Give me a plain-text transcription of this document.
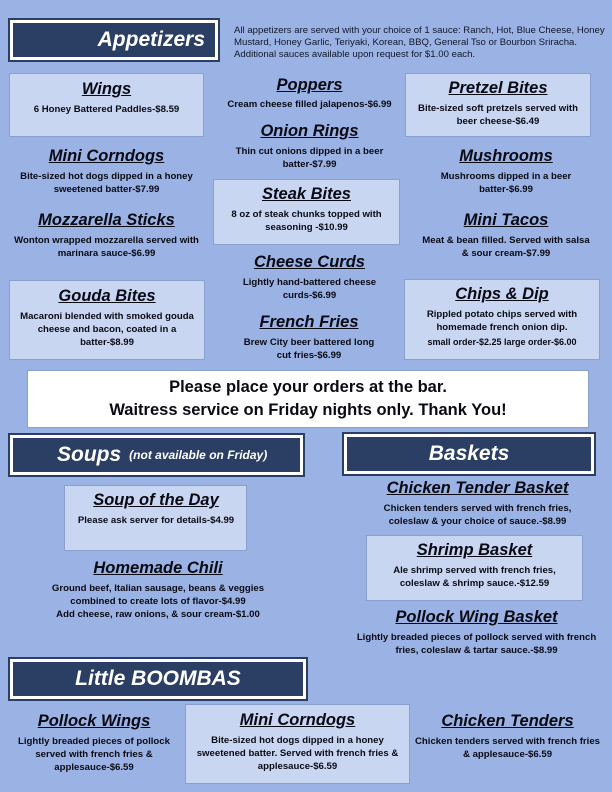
Appetizers	All appetizers are served with your choice of 1 sauce: Ranch, Hot, Blue Cheese, Honey Mustard, Honey Garlic, Teriyaki, Korean, BBQ, General Tso or Bourbon Sriracha. Additional sauces available upon request for $1.00 each.
Wings
6 Honey Battered Paddles-$8.59
Mini Corndogs
Bite-sized hot dogs dipped in a honey sweetened batter-$7.99
Mozzarella Sticks
Wonton wrapped mozzarella served with marinara sauce-$6.99
Gouda Bites
Macaroni blended with smoked gouda cheese and bacon, coated in a batter-$8.99
Poppers
Cream cheese filled jalapenos-$6.99
Onion Rings
Thin cut onions dipped in a beer batter-$7.99
Steak Bites
8 oz of steak chunks topped with seasoning -$10.99
Cheese Curds
Lightly hand-battered cheese curds-$6.99
French Fries
Brew City beer battered long cut fries-$6.99
Pretzel Bites
Bite-sized soft pretzels served with beer cheese-$6.49
Mushrooms
Mushrooms dipped in a beer batter-$6.99
Mini Tacos
Meat & bean filled. Served with salsa & sour cream-$7.99
Chips & Dip
Rippled potato chips served with homemade french onion dip.
small order-$2.25 large order-$6.00
Please place your orders at the bar.
Waitress service on Friday nights only. Thank You!
Soups (not available on Friday)
Soup of the Day
Please ask server for details-$4.99
Homemade Chili
Ground beef, Italian sausage, beans & veggies combined to create lots of flavor-$4.99
Add cheese, raw onions, & sour cream-$1.00
Baskets
Chicken Tender Basket
Chicken tenders served with french fries, coleslaw & your choice of sauce.-$8.99
Shrimp Basket
Ale shrimp served with french fries, coleslaw & shrimp sauce.-$12.59
Pollock Wing Basket
Lightly breaded pieces of pollock served with french fries, coleslaw & tartar sauce.-$8.99
Little BOOMBAS
Pollock Wings
Lightly breaded pieces of pollock served with french fries & applesauce-$6.59
Mini Corndogs
Bite-sized hot dogs dipped in a honey sweetened batter. Served with french fries & applesauce-$6.59
Chicken Tenders
Chicken tenders served with french fries & applesauce-$6.59
